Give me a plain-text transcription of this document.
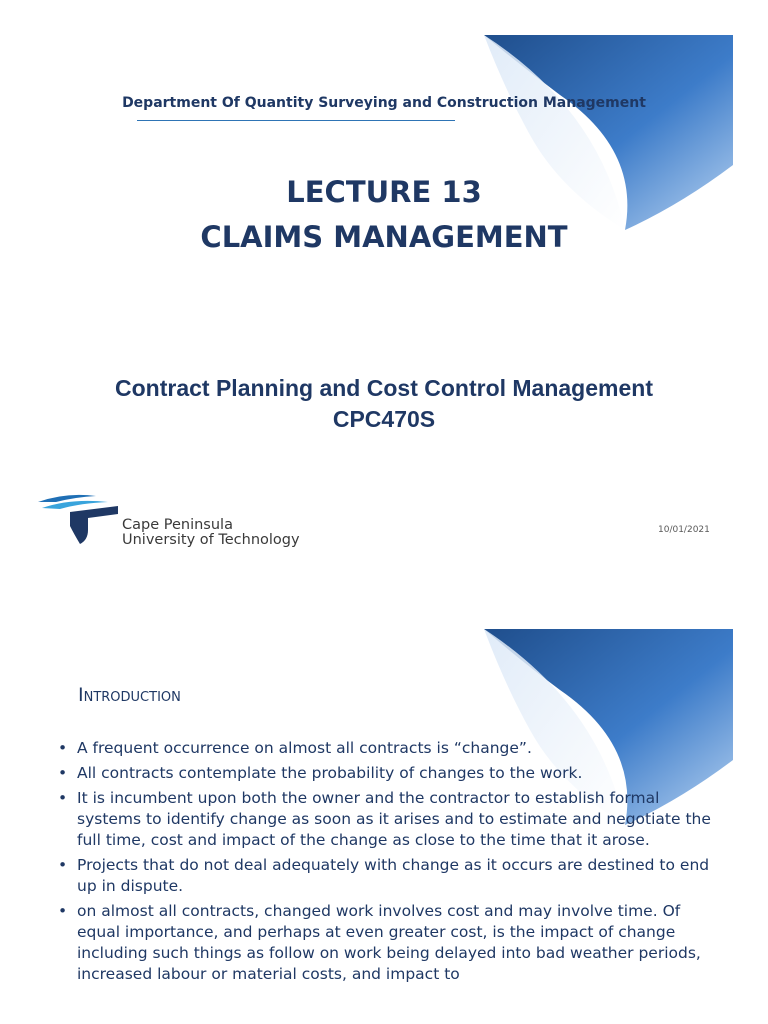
Department Of Quantity Surveying and Construction Management
LECTURE 13
CLAIMS MANAGEMENT
Contract Planning and Cost Control Management
CPC470S
Cape Peninsula
University of Technology
10/01/2021
Introduction
• A frequent occurrence on almost all contracts is “change”.
• All contracts contemplate the probability of changes to the work.
• It is incumbent upon both the owner and the contractor to establish formal systems to identify change as soon as it arises and to estimate and negotiate the full time, cost and impact of the change as close to the time that it arose.
• Projects that do not deal adequately with change as it occurs are destined to end up in dispute.
• on almost all contracts, changed work involves cost and may involve time. Of equal importance, and perhaps at even greater cost, is the impact of change including such things as follow on work being delayed into bad weather periods, increased labour or material costs, and impact to
